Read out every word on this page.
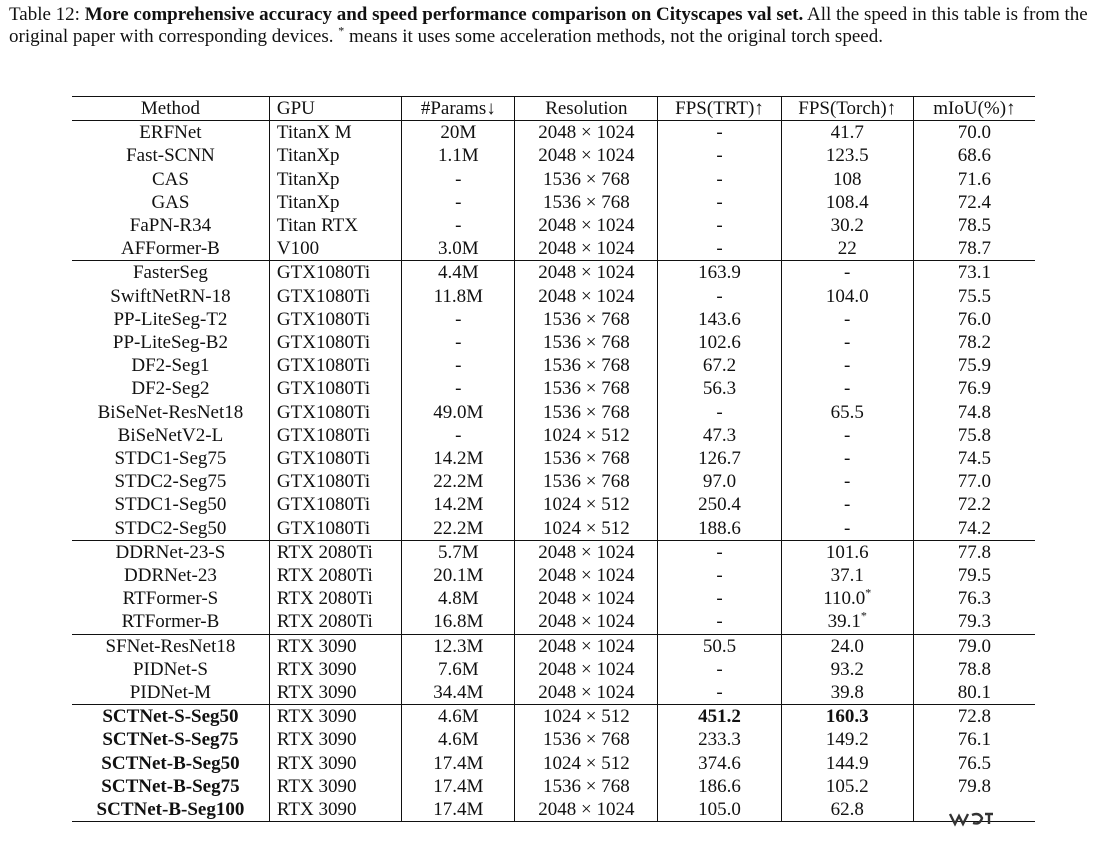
Table 12: More comprehensive accuracy and speed performance comparison on Cityscapes val set. All the speed in this table is from the original paper with corresponding devices. * means it uses some acceleration methods, not the original torch speed.
Method	GPU	#Params↓	Resolution	FPS(TRT)↑	FPS(Torch)↑	mIoU(%)↑
ERFNet	TitanX M	20M	2048 × 1024	-	41.7	70.0
Fast-SCNN	TitanXp	1.1M	2048 × 1024	-	123.5	68.6
CAS	TitanXp	-	1536 × 768	-	108	71.6
GAS	TitanXp	-	1536 × 768	-	108.4	72.4
FaPN-R34	Titan RTX	-	2048 × 1024	-	30.2	78.5
AFFormer-B	V100	3.0M	2048 × 1024	-	22	78.7
FasterSeg	GTX1080Ti	4.4M	2048 × 1024	163.9	-	73.1
SwiftNetRN-18	GTX1080Ti	11.8M	2048 × 1024	-	104.0	75.5
PP-LiteSeg-T2	GTX1080Ti	-	1536 × 768	143.6	-	76.0
PP-LiteSeg-B2	GTX1080Ti	-	1536 × 768	102.6	-	78.2
DF2-Seg1	GTX1080Ti	-	1536 × 768	67.2	-	75.9
DF2-Seg2	GTX1080Ti	-	1536 × 768	56.3	-	76.9
BiSeNet-ResNet18	GTX1080Ti	49.0M	1536 × 768	-	65.5	74.8
BiSeNetV2-L	GTX1080Ti	-	1024 × 512	47.3	-	75.8
STDC1-Seg75	GTX1080Ti	14.2M	1536 × 768	126.7	-	74.5
STDC2-Seg75	GTX1080Ti	22.2M	1536 × 768	97.0	-	77.0
STDC1-Seg50	GTX1080Ti	14.2M	1024 × 512	250.4	-	72.2
STDC2-Seg50	GTX1080Ti	22.2M	1024 × 512	188.6	-	74.2
DDRNet-23-S	RTX 2080Ti	5.7M	2048 × 1024	-	101.6	77.8
DDRNet-23	RTX 2080Ti	20.1M	2048 × 1024	-	37.1	79.5
RTFormer-S	RTX 2080Ti	4.8M	2048 × 1024	-	110.0*	76.3
RTFormer-B	RTX 2080Ti	16.8M	2048 × 1024	-	39.1*	79.3
SFNet-ResNet18	RTX 3090	12.3M	2048 × 1024	50.5	24.0	79.0
PIDNet-S	RTX 3090	7.6M	2048 × 1024	-	93.2	78.8
PIDNet-M	RTX 3090	34.4M	2048 × 1024	-	39.8	80.1
SCTNet-S-Seg50	RTX 3090	4.6M	1024 × 512	451.2	160.3	72.8
SCTNet-S-Seg75	RTX 3090	4.6M	1536 × 768	233.3	149.2	76.1
SCTNet-B-Seg50	RTX 3090	17.4M	1024 × 512	374.6	144.9	76.5
SCTNet-B-Seg75	RTX 3090	17.4M	1536 × 768	186.6	105.2	79.8
SCTNet-B-Seg100	RTX 3090	17.4M	2048 × 1024	105.0	62.8	
